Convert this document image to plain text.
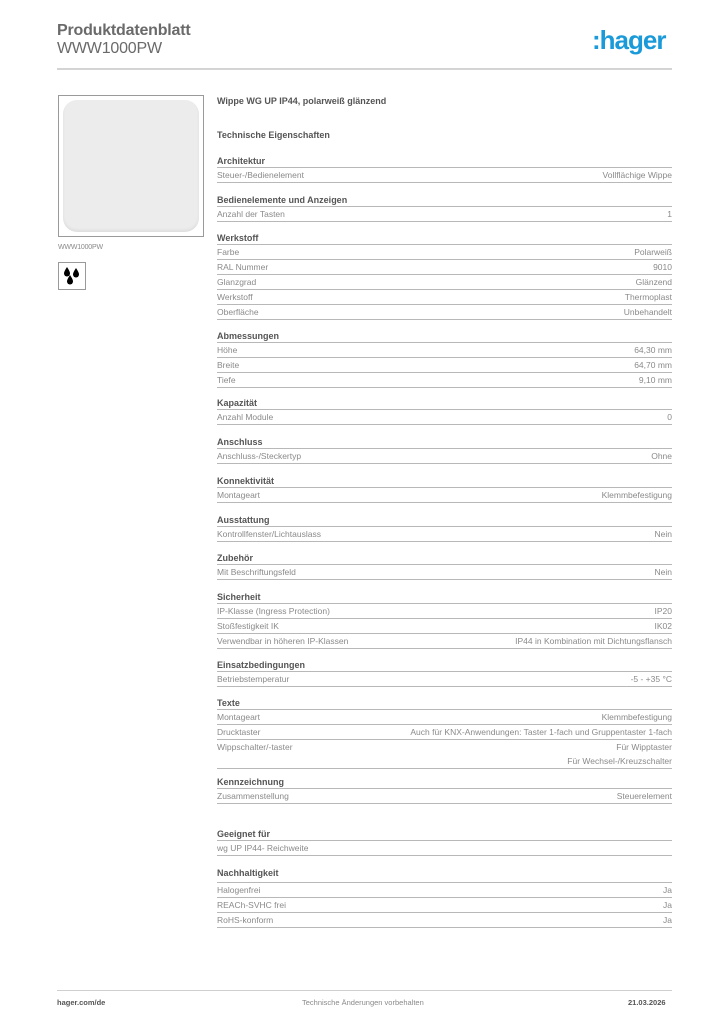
Produktdatenblatt
WWW1000PW	:hager
WWW1000PW
Wippe WG UP IP44, polarweiß glänzend
Technische Eigenschaften
Architektur
Steuer-/Bedienelement	Vollflächige Wippe
Bedienelemente und Anzeigen
Anzahl der Tasten	1
Werkstoff
Farbe	Polarweiß
RAL Nummer	9010
Glanzgrad	Glänzend
Werkstoff	Thermoplast
Oberfläche	Unbehandelt
Abmessungen
Höhe	64,30 mm
Breite	64,70 mm
Tiefe	9,10 mm
Kapazität
Anzahl Module	0
Anschluss
Anschluss-/Steckertyp	Ohne
Konnektivität
Montageart	Klemmbefestigung
Ausstattung
Kontrollfenster/Lichtauslass	Nein
Zubehör
Mit Beschriftungsfeld	Nein
Sicherheit
IP-Klasse (Ingress Protection)	IP20
Stoßfestigkeit IK	IK02
Verwendbar in höheren IP-Klassen	IP44 in Kombination mit Dichtungsflansch
Einsatzbedingungen
Betriebstemperatur	-5 - +35 °C
Texte
Montageart	Klemmbefestigung
Drucktaster	Auch für KNX-Anwendungen: Taster 1-fach und Gruppentaster 1-fach
Wippschalter/-taster	Für Wipptaster
Für Wechsel-/Kreuzschalter
Kennzeichnung
Zusammenstellung	Steuerelement
Geeignet für
wg UP IP44- Reichweite
Nachhaltigkeit
Halogenfrei	Ja
REACh-SVHC frei	Ja
RoHS-konform	Ja
hager.com/de	Technische Änderungen vorbehalten	21.03.2026
